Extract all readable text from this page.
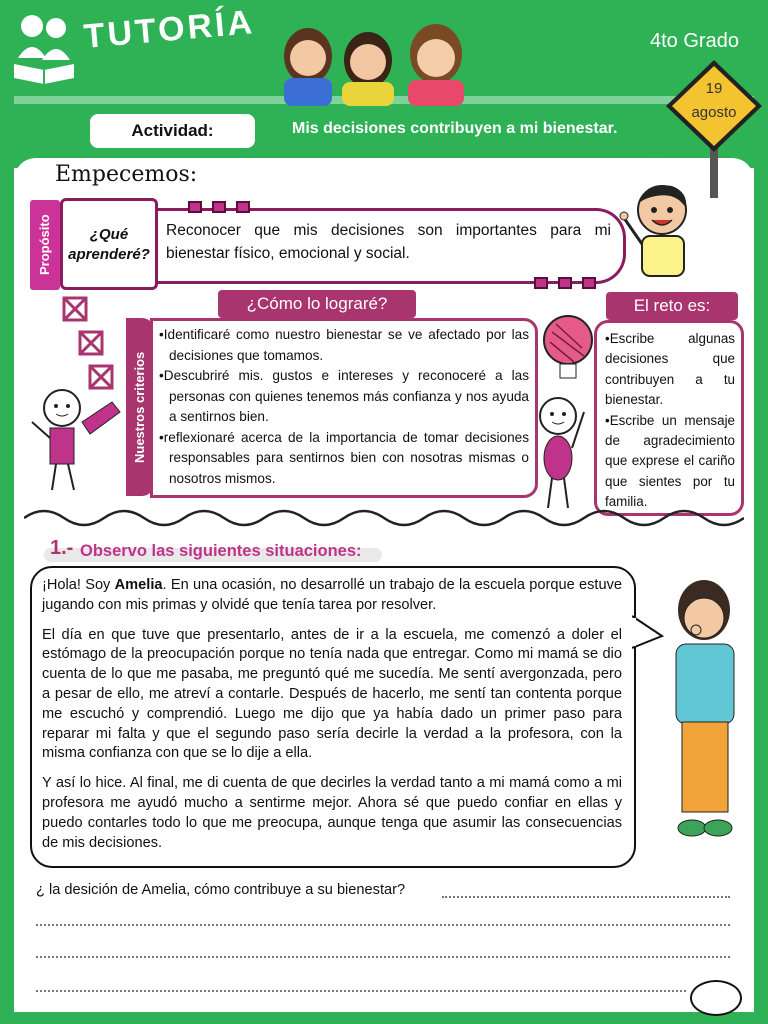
TUTORÍA	4to Grado
Actividad:	Mis decisiones contribuyen a mi bienestar.
19
agosto
Empecemos:
Propósito	¿Qué aprenderé?
Reconocer que mis decisiones son importantes para mi bienestar físico, emocional y social.
¿Cómo lo lograré?
Nuestros criterios
• Identificaré como nuestro bienestar se ve afectado por las decisiones que tomamos.
• Descubriré mis. gustos e intereses y reconoceré a las personas con quienes tenemos más confianza y nos ayuda a sentirnos bien.
• reflexionaré acerca de la importancia de tomar decisiones responsables para sentirnos bien con nosotras mismas o nosotros mismos.
El reto es:
• Escribe algunas decisiones que contribuyen a tu bienestar.
• Escribe un mensaje de agradecimiento que exprese el cariño que sientes por tu familia.
1.- Observo las siguientes situaciones:

¡Hola! Soy Amelia. En una ocasión, no desarrollé un trabajo de la escuela porque estuve jugando con mis primas y olvidé que tenía tarea por resolver.

El día en que tuve que presentarlo, antes de ir a la escuela, me comenzó a doler el estómago de la preocupación porque no tenía nada que entregar. Como mi mamá se dio cuenta de lo que me pasaba, me preguntó qué me sucedía. Me sentí avergonzada, pero a pesar de ello, me atreví a contarle. Después de hacerlo, me sentí tan contenta porque me escuchó y comprendió. Luego me dijo que ya había dado un primer paso para reparar mi falta y que el segundo paso sería decirle la verdad a la profesora, con la misma confianza con que se lo dije a ella.

Y así lo hice. Al final, me di cuenta de que decirles la verdad tanto a mi mamá como a mi profesora me ayudó mucho a sentirme mejor. Ahora sé que puedo confiar en ellas y puedo contarles todo lo que me preocupa, aunque tenga que asumir las consecuencias de mis decisiones.

¿ la desición de Amelia, cómo contribuye a su bienestar?
